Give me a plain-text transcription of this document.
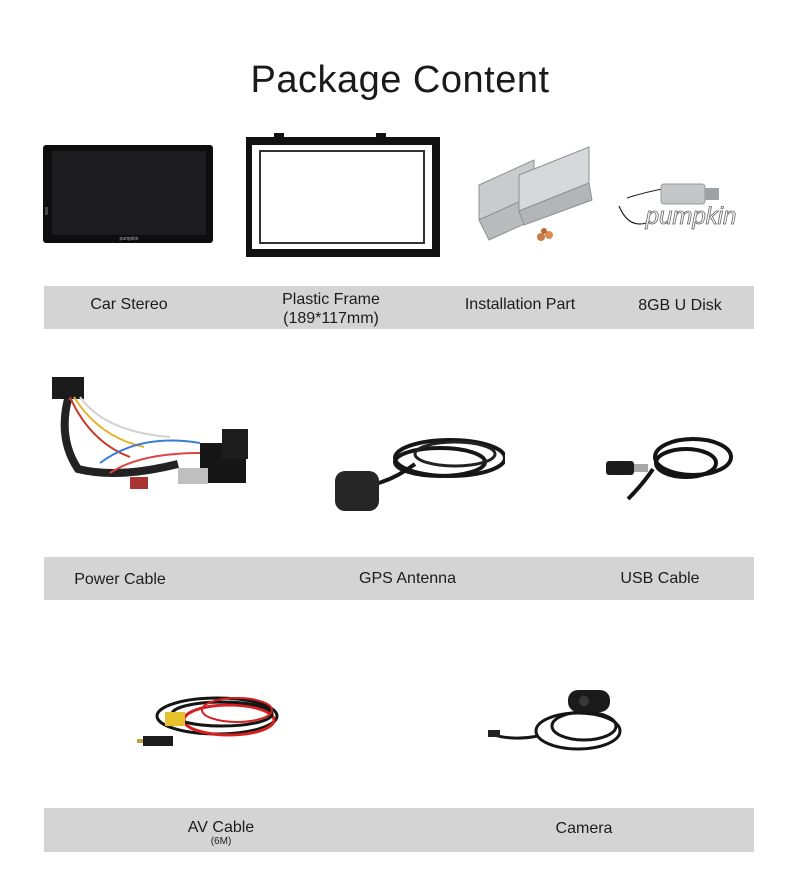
Package Content
pumpkin
pumpkin
Car Stereo	Plastic Frame
(189*117mm)
Installation Part	8GB U Disk
Power Cable	GPS Antenna	USB Cable
AV Cable
(6M)
Camera
